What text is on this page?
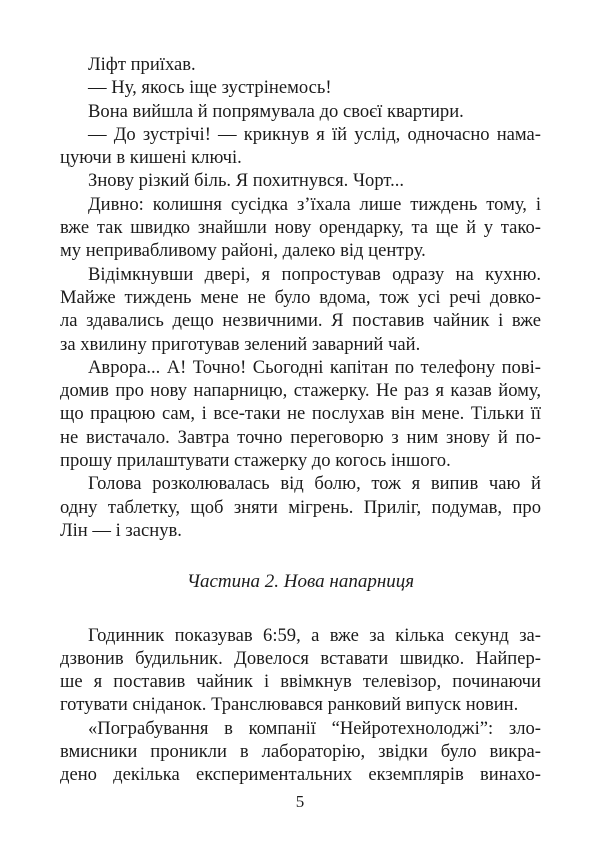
Ліфт приїхав.
— Ну, якось іще зустрінемось!
Вона вийшла й попрямувала до своєї квартири.
— До зустрічі! — крикнув я їй услід, одночасно нама-
цуючи в кишені ключі.
Знову різкий біль. Я похитнувся. Чорт...
Дивно: колишня сусідка з’їхала лише тиждень тому, і
вже так швидко знайшли нову орендарку, та ще й у тако-
му непривабливому районі, далеко від центру.
Відімкнувши двері, я попростував одразу на кухню.
Майже тиждень мене не було вдома, тож усі речі довко-
ла здавались дещо незвичними. Я поставив чайник і вже
за хвилину приготував зелений заварний чай.
Аврора... А! Точно! Сьогодні капітан по телефону пові-
домив про нову напарницю, стажерку. Не раз я казав йому,
що працюю сам, і все-таки не послухав він мене. Тільки її
не вистачало. Завтра точно переговорю з ним знову й по-
прошу прилаштувати стажерку до когось іншого.
Голова розколювалась від болю, тож я випив чаю й
одну таблетку, щоб зняти мігрень. Приліг, подумав, про
Лін — і заснув.
Частина 2. Нова напарниця
Годинник показував 6:59, а вже за кілька секунд за-
дзвонив будильник. Довелося вставати швидко. Найпер-
ше я поставив чайник і ввімкнув телевізор, починаючи
готувати сніданок. Транслювався ранковий випуск новин.
«Пограбування в компанії “Нейротехнолоджі”: зло-
вмисники проникли в лабораторію, звідки було викра-
дено декілька експериментальних екземплярів винахо-
5
